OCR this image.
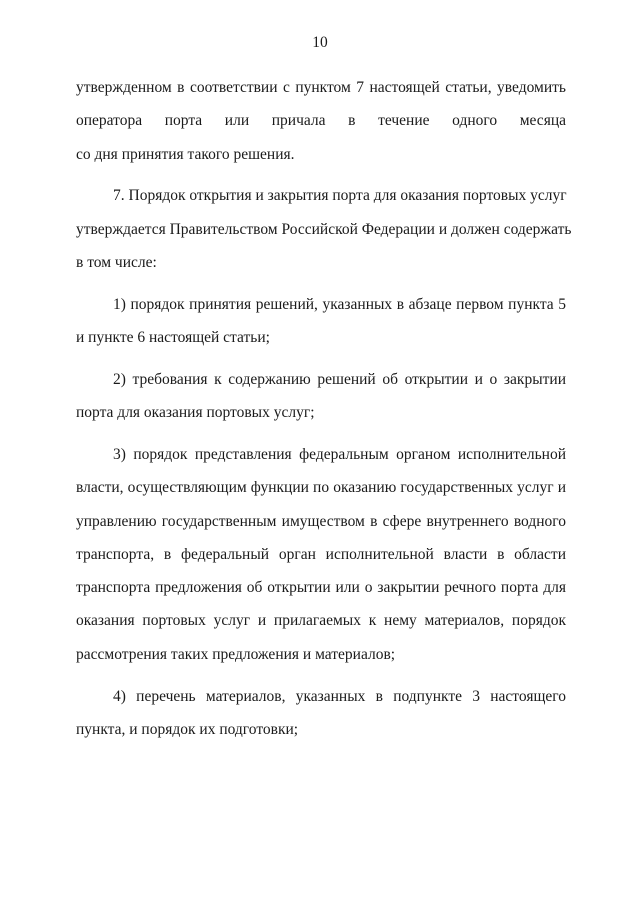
10
утвержденном в соответствии с пунктом 7 настоящей статьи, уведомить
оператора порта или причала в течение одного месяца
со дня принятия такого решения.
7. Порядок открытия и закрытия порта для оказания портовых услуг
утверждается Правительством Российской Федерации и должен содержать
в том числе:
1) порядок принятия решений, указанных в абзаце первом пункта 5
и пункте 6 настоящей статьи;
2) требования к содержанию решений об открытии и о закрытии
порта для оказания портовых услуг;
3) порядок представления федеральным органом исполнительной
власти, осуществляющим функции по оказанию государственных услуг и
управлению государственным имуществом в сфере внутреннего водного
транспорта, в федеральный орган исполнительной власти в области
транспорта предложения об открытии или о закрытии речного порта для
оказания портовых услуг и прилагаемых к нему материалов, порядок
рассмотрения таких предложения и материалов;
4) перечень материалов, указанных в подпункте 3 настоящего
пункта, и порядок их подготовки;
